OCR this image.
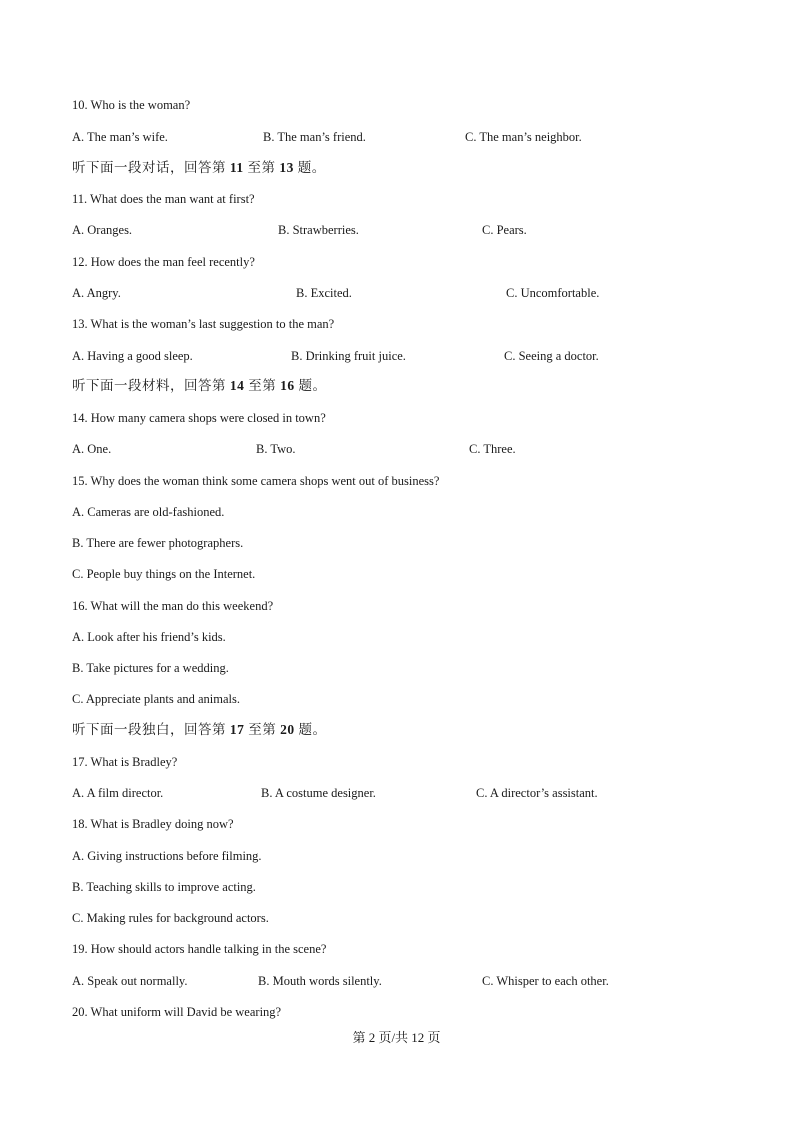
10. Who is the woman?
A. The man’s wife.	B. The man’s friend.	C. The man’s neighbor.
听下面一段对话，回答第 11 至第 13 题。
11. What does the man want at first?
A. Oranges.	B. Strawberries.	C. Pears.
12. How does the man feel recently?
A. Angry.	B. Excited.	C. Uncomfortable.
13. What is the woman’s last suggestion to the man?
A. Having a good sleep.	B. Drinking fruit juice.	C. Seeing a doctor.
听下面一段材料，回答第 14 至第 16 题。
14. How many camera shops were closed in town?
A. One.	B. Two.	C. Three.
15. Why does the woman think some camera shops went out of business?
A. Cameras are old-fashioned.
B. There are fewer photographers.
C. People buy things on the Internet.
16. What will the man do this weekend?
A. Look after his friend’s kids.
B. Take pictures for a wedding.
C. Appreciate plants and animals.
听下面一段独白，回答第 17 至第 20 题。
17. What is Bradley?
A. A film director.	B. A costume designer.	C. A director’s assistant.
18. What is Bradley doing now?
A. Giving instructions before filming.
B. Teaching skills to improve acting.
C. Making rules for background actors.
19. How should actors handle talking in the scene?
A. Speak out normally.	B. Mouth words silently.	C. Whisper to each other.
20. What uniform will David be wearing?
第 2 页/共 12 页
